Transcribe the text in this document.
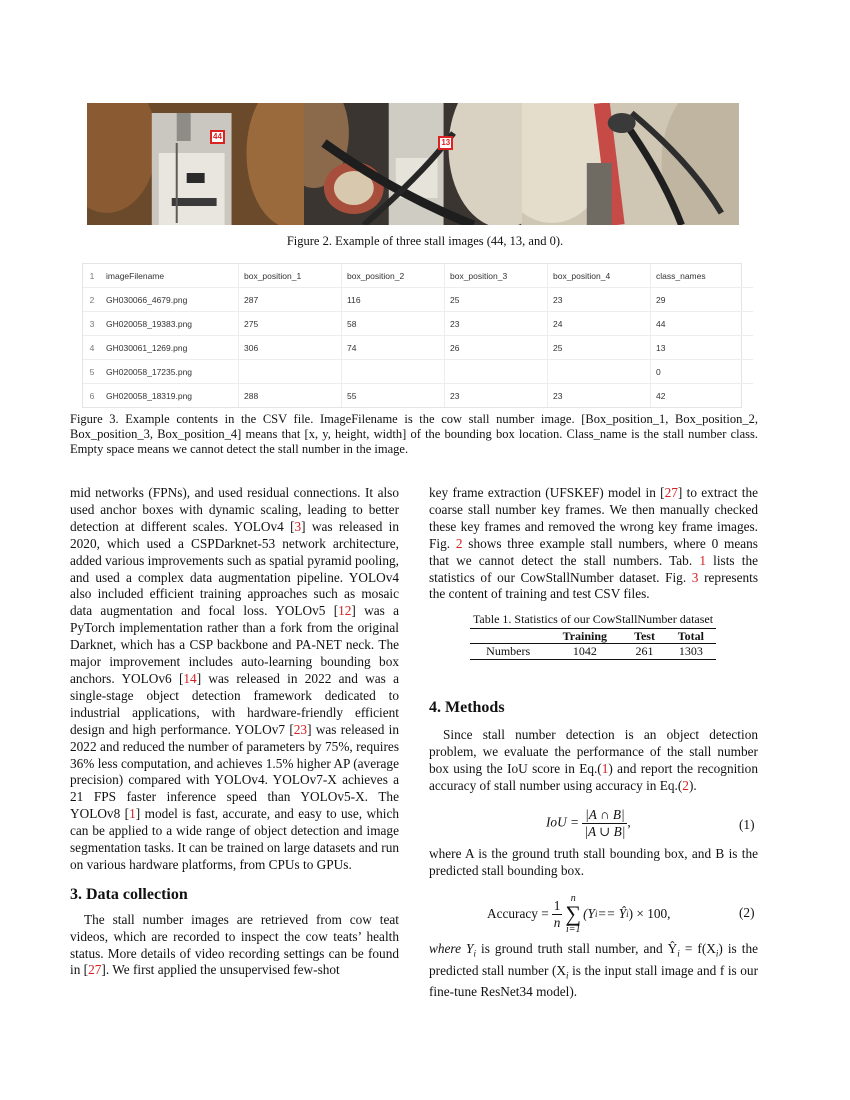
44
13
Figure 2. Example of three stall images (44, 13, and 0).
1	imageFilename	box_position_1	box_position_2	box_position_3	box_position_4	class_names
2	GH030066_4679.png	287	116	25	23	29
3	GH020058_19383.png	275	58	23	24	44
4	GH030061_1269.png	306	74	26	25	13
5	GH020058_17235.png					0
6	GH020058_18319.png	288	55	23	23	42
Figure 3. Example contents in the CSV file. ImageFilename is the cow stall number image. [Box_position_1, Box_position_2, Box_position_3, Box_position_4] means that [x, y, height, width] of the bounding box location. Class_name is the stall number class. Empty space means we cannot detect the stall number in the image.

mid networks (FPNs), and used residual connections. It also used anchor boxes with dynamic scaling, leading to better detection at different scales. YOLOv4 [3] was released in 2020, which used a CSPDarknet-53 network architecture, added various improvements such as spatial pyramid pooling, and used a complex data augmentation pipeline. YOLOv4 also included efficient training approaches such as mosaic data augmentation and focal loss. YOLOv5 [12] was a PyTorch implementation rather than a fork from the original Darknet, which has a CSP backbone and PA-NET neck. The major improvement includes auto-learning bounding box anchors. YOLOv6 [14] was released in 2022 and was a single-stage object detection framework dedicated to industrial applications, with hardware-friendly efficient design and high performance. YOLOv7 [23] was released in 2022 and reduced the number of parameters by 75%, requires 36% less computation, and achieves 1.5% higher AP (average precision) compared with YOLOv4. YOLOv7-X achieves a 21 FPS faster inference speed than YOLOv5-X. The YOLOv8 [1] model is fast, accurate, and easy to use, which can be applied to a wide range of object detection and image segmentation tasks. It can be trained on large datasets and run on various hardware platforms, from CPUs to GPUs.

3. Data collection

The stall number images are retrieved from cow teat videos, which are recorded to inspect the cow teats’ health status. More details of video recording settings can be found in [27]. We first applied the unsupervised few-shot

key frame extraction (UFSKEF) model in [27] to extract the coarse stall number key frames. We then manually checked these key frames and removed the wrong key frame images. Fig. 2 shows three example stall numbers, where 0 means that we cannot detect the stall numbers. Tab. 1 lists the statistics of our CowStallNumber dataset. Fig. 3 represents the content of training and test CSV files.

Table 1. Statistics of our CowStallNumber dataset
	Training	Test	Total
Numbers	1042	261	1303
4. Methods

Since stall number detection is an object detection problem, we evaluate the performance of the stall number box using the IoU score in Eq.(1) and report the recognition accuracy of stall number using accuracy in Eq.(2).

IoU = $\frac{|A \cap B|}{|A \cup B|}$ ,	(1)
where A is the ground truth stall bounding box, and B is the predicted stall bounding box.
Accuracy = $\frac{1}{n}$ n
∑
i=1
(Y i == Ŷ i ) × 100,	(2)
where $Y_i$ is ground truth stall number, and $Ŷ_i = f(X_i)$ is the predicted stall number ($X_i$ is the input stall image and f is our fine-tune ResNet34 model).
